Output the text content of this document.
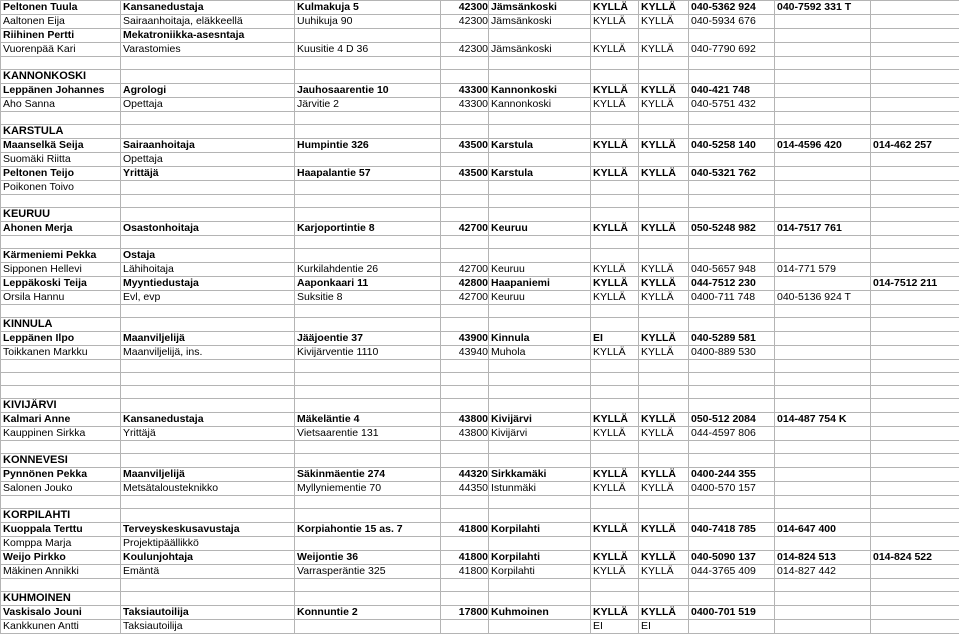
Peltonen Tuula	Kansanedustaja	Kulmakuja 5	42300	Jämsänkoski	KYLLÄ	KYLLÄ	040-5362 924	040-7592 331 T	
Aaltonen Eija	Sairaanhoitaja, eläkkeellä	Uuhikuja 90	42300	Jämsänkoski	KYLLÄ	KYLLÄ	040-5934 676		
Riihinen Pertti	Mekatroniikka-asesntaja								
Vuorenpää Kari	Varastomies	Kuusitie 4 D 36	42300	Jämsänkoski	KYLLÄ	KYLLÄ	040-7790 692		

KANNONKOSKI									
Leppänen Johannes	Agrologi	Jauhosaarentie 10	43300	Kannonkoski	KYLLÄ	KYLLÄ	040-421 748		
Aho Sanna	Opettaja	Järvitie 2	43300	Kannonkoski	KYLLÄ	KYLLÄ	040-5751 432		

KARSTULA									
Maanselkä Seija	Sairaanhoitaja	Humpintie 326	43500	Karstula	KYLLÄ	KYLLÄ	040-5258 140	014-4596 420	014-462 257
Suomäki Riitta	Opettaja								
Peltonen Teijo	Yrittäjä	Haapalantie 57	43500	Karstula	KYLLÄ	KYLLÄ	040-5321 762		
Poikonen Toivo									

KEURUU									
Ahonen Merja	Osastonhoitaja	Karjoportintie 8	42700	Keuruu	KYLLÄ	KYLLÄ	050-5248 982	014-7517 761	

Kärmeniemi Pekka	Ostaja								
Sipponen Hellevi	Lähihoitaja	Kurkilahdentie 26	42700	Keuruu	KYLLÄ	KYLLÄ	040-5657 948	014-771 579	
Leppäkoski Teija	Myyntiedustaja	Aaponkaari 11	42800	Haapaniemi	KYLLÄ	KYLLÄ	044-7512 230		014-7512 211
Orsila Hannu	Evl, evp	Suksitie 8	42700	Keuruu	KYLLÄ	KYLLÄ	0400-711 748	040-5136 924 T	

KINNULA									
Leppänen Ilpo	Maanviljelijä	Jääjoentie 37	43900	Kinnula	EI	KYLLÄ	040-5289 581		
Toikkanen Markku	Maanviljelijä, ins.	Kivijärventie 1110	43940	Muhola	KYLLÄ	KYLLÄ	0400-889 530		

KIVIJÄRVI									
Kalmari Anne	Kansanedustaja	Mäkeläntie 4	43800	Kivijärvi	KYLLÄ	KYLLÄ	050-512 2084	014-487 754 K	
Kauppinen Sirkka	Yrittäjä	Vietsaarentie 131	43800	Kivijärvi	KYLLÄ	KYLLÄ	044-4597 806		

KONNEVESI									
Pynnönen Pekka	Maanviljelijä	Säkinmäentie 274	44320	Sirkkamäki	KYLLÄ	KYLLÄ	0400-244 355		
Salonen Jouko	Metsätalousteknikko	Myllyniementie 70	44350	Istunmäki	KYLLÄ	KYLLÄ	0400-570 157		

KORPILAHTI									
Kuoppala Terttu	Terveyskeskusavustaja	Korpiahontie 15 as. 7	41800	Korpilahti	KYLLÄ	KYLLÄ	040-7418 785	014-647 400	
Komppa Marja	Projektipäällikkö								
Weijo Pirkko	Koulunjohtaja	Weijontie 36	41800	Korpilahti	KYLLÄ	KYLLÄ	040-5090 137	014-824 513	014-824 522
Mäkinen Annikki	Emäntä	Varrasperäntie 325	41800	Korpilahti	KYLLÄ	KYLLÄ	044-3765 409	014-827 442	

KUHMOINEN									
Vaskisalo Jouni	Taksiautoilija	Konnuntie 2	17800	Kuhmoinen	KYLLÄ	KYLLÄ	0400-701 519		
Kankkunen Antti	Taksiautoilija				EI	EI			
